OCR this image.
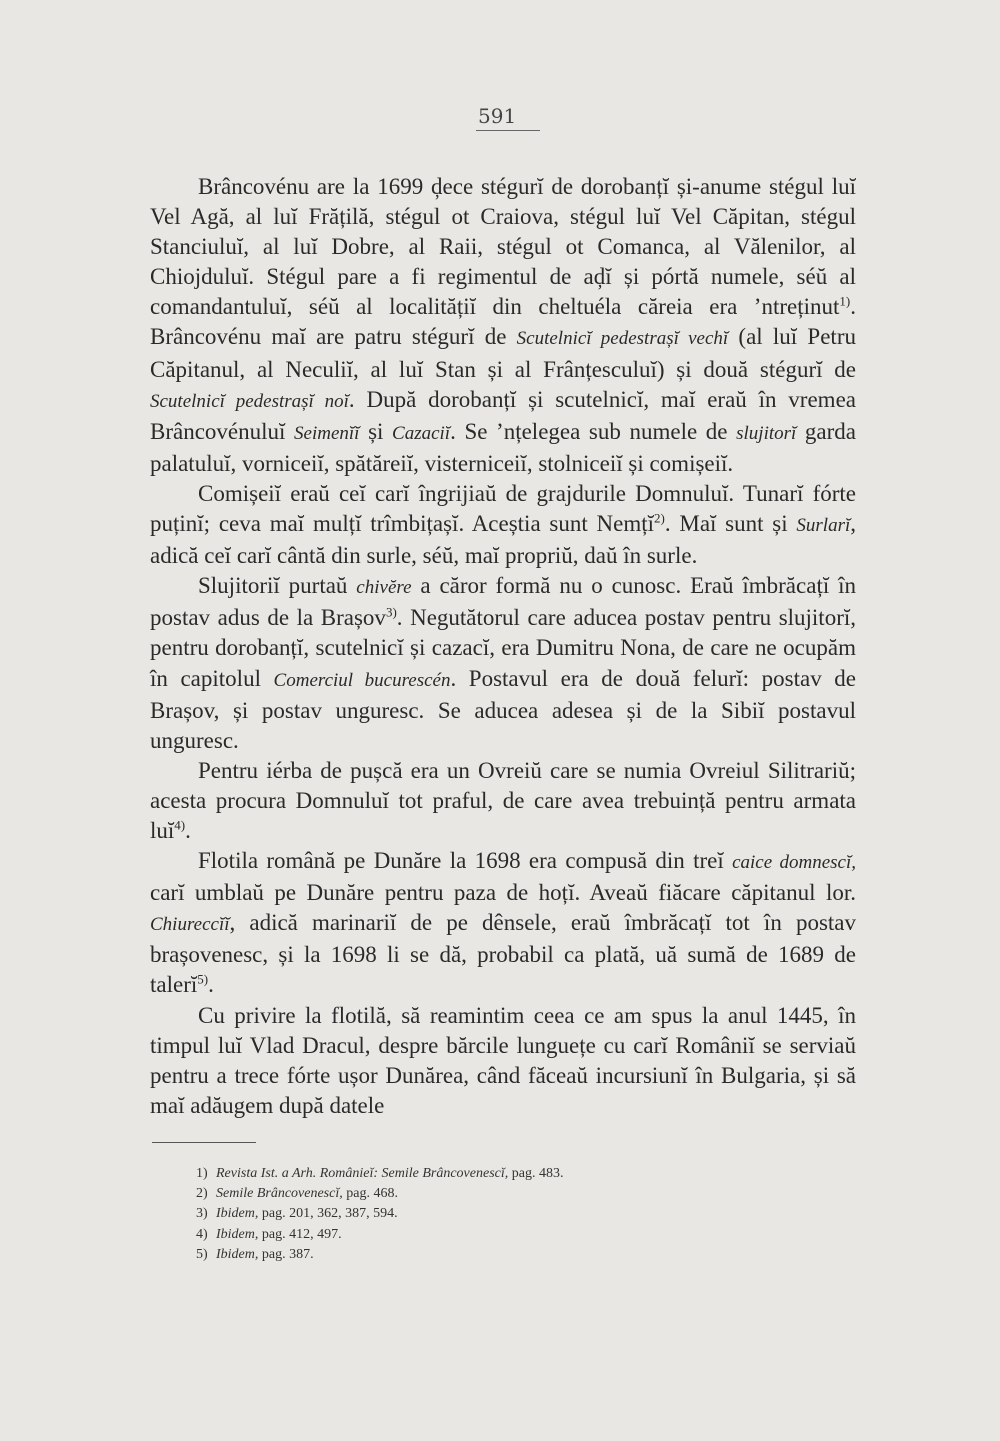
591

Brâncovénu are la 1699 ḑece stégurĭ de dorobanțĭ și-anume stégul luĭ Vel Agă, al luĭ Frățilă, stégul ot Craiova, stégul luĭ Vel Căpitan, stégul Stanciuluĭ, al luĭ Dobre, al Raii, stégul ot Comanca, al Vălenilor, al Chiojduluĭ. Stégul pare a fi regimentul de aḑĭ și pórtă numele, séŭ al comandantuluĭ, séŭ al localitățiĭ din cheltuéla căreia era ’ntreținut$^{1)}$. Brâncovénu maĭ are patru stégurĭ de Scutelnicĭ pedestrașĭ vechĭ (al luĭ Petru Căpitanul, al Neculiĭ, al luĭ Stan și al Frânțesculuĭ) și două stégurĭ de Scutelnicĭ pedestrașĭ noĭ. După dorobanțĭ și scutelnicĭ, maĭ eraŭ în vremea Brâncovénuluĭ Seimenĭĭ și Cazaciĭ. Se ’nțelegea sub numele de slujitorĭ garda palatuluĭ, vorniceiĭ, spătăreiĭ, visterniceiĭ, stolniceiĭ și comișeiĭ.

Comișeiĭ eraŭ ceĭ carĭ îngrijiaŭ de grajdurile Domnuluĭ. Tunarĭ fórte puținĭ; ceva maĭ mulțĭ trîmbițașĭ. Aceștia sunt Nemțĭ$^{2)}$. Maĭ sunt și Surlarĭ, adică ceĭ carĭ cântă din surle, séŭ, maĭ propriŭ, daŭ în surle.

Slujitoriĭ purtaŭ chivĕre a căror formă nu o cunosc. Eraŭ îmbrăcațĭ în postav adus de la Brașov$^{3)}$. Negutătorul care aducea postav pentru slujitorĭ, pentru dorobanțĭ, scutelnicĭ și cazacĭ, era Dumitru Nona, de care ne ocupăm în capitolul Comerciul bucurescén. Postavul era de două felurĭ: postav de Brașov, și postav unguresc. Se aducea adesea și de la Sibiĭ postavul unguresc.

Pentru iérba de pușcă era un Ovreiŭ care se numia Ovreiul Silitrariŭ; acesta procura Domnuluĭ tot praful, de care avea trebuință pentru armata luĭ$^{4)}$.

Flotila română pe Dunăre la 1698 era compusă din treĭ caice domnescĭ, carĭ umblaŭ pe Dunăre pentru paza de hoțĭ. Aveaŭ fiăcare căpitanul lor. Chiureccĭĭ, adică marinariĭ de pe dênsele, eraŭ îmbrăcațĭ tot în postav brașovenesc, și la 1698 li se dă, probabil ca plată, uă sumă de 1689 de talerĭ$^{5)}$.

Cu privire la flotilă, să reamintim ceea ce am spus la anul 1445, în timpul luĭ Vlad Dracul, despre bărcile lunguețe cu carĭ Româniĭ se serviaŭ pentru a trece fórte ușor Dunărea, când făceaŭ incursiunĭ în Bulgaria, și să maĭ adăugem după datele

1) Revista Ist. a Arh. Românieĭ: Semile Brâncovenescĭ, pag. 483.
2) Semile Brâncovenescĭ, pag. 468.
3) Ibidem, pag. 201, 362, 387, 594.
4) Ibidem, pag. 412, 497.
5) Ibidem, pag. 387.
